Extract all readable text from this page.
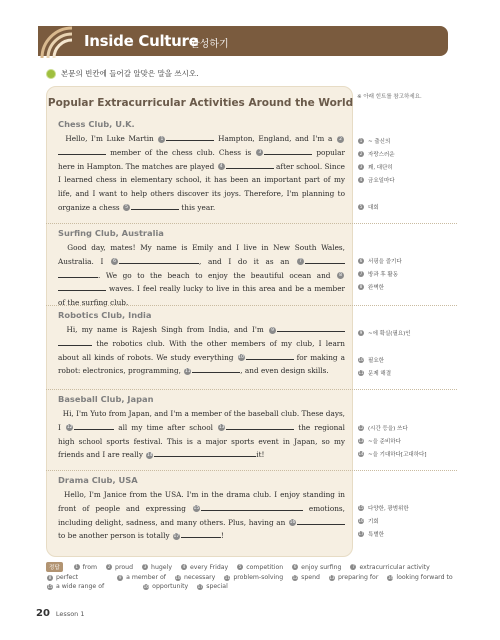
Inside Culture
완성하기
본문의 빈칸에 들어갈 알맞은 말을 쓰시오.
Popular Extracurricular Activities Around the World
Chess Club, U.K.

Hello, I'm Luke Martin 1	Hampton, England, and I'm a 2 member of the chess club. Chess is 3	popular here in Hampton. The matches are played 4	after school. Since I learned chess in elementary school, it has been an important part of my life, and I want to help others discover its joys. Therefore, I'm planning to organize a chess 5	this year.

Surfing Club, Australia

Good day, mates! My name is Emily and I live in New South Wales, Australia. I 6	, and I do it as an 7. We go to the beach to enjoy the beautiful ocean and 8 waves. I feel really lucky to live in this area and be a member of the surfing club.

Robotics Club, India

Hi, my name is Rajesh Singh from India, and I'm 9 the robotics club. With the other members of my club, I learn about all kinds of robots. We study everything 10	for making a robot: electronics, programming, 11	, and even design skills.

Baseball Club, Japan

Hi, I'm Yuto from Japan, and I'm a member of the baseball club. These days, I 12	all my time after school 13	the regional high school sports festival. This is a major sports event in Japan, so my friends and I are really 14	it!

Drama Club, USA

Hello, I'm Janice from the USA. I'm in the drama club. I enjoy standing in front of people and expressing 15	emotions, including delight, sadness, and many others. Plus, having an 16 to be another person is totally 17	!

※ 아래 힌트를 참고하세요.
1	~ 출신의
2	자랑스러운
3	꽤, 대단히
4	금요일마다
5	대회
6	서핑을 즐기다
7	방과 후 활동
8	완벽한
9	~에 확실(필요)인
10 필요한
11 문제 해결
12 (시간 등을) 쓰다
13 ~을 준비하다
14 ~을 기대하다[고대하다]
15 다양한, 광범위한
16 기회
17 특별한
정답	1 from	2 proud	3 hugely	4 every Friday	5 competition	6 enjoy surfing	7 extracurricular activity
8 perfect	9 a member of 10 necessary 11 problem-solving 12 spend 13 preparing for 14 looking forward to
15 a wide range of	16 opportunity 17 special
20 Lesson 1
